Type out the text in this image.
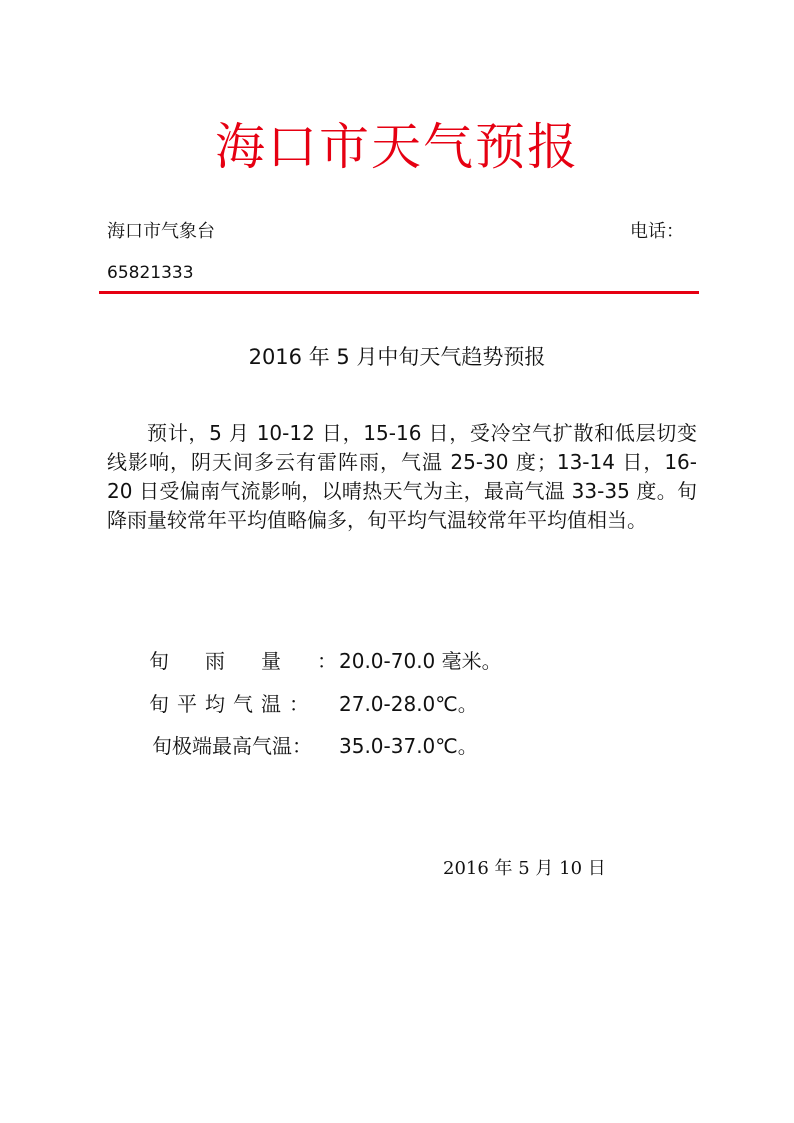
海口市天气预报
海口市气象台	电话：
65821333
2016 年 5 月中旬天气趋势预报

预计，5 月 10-12 日，15-16 日，受冷空气扩散和低层切变线影响，阴天间多云有雷阵雨，气温 25-30 度；13-14 日，16-20 日受偏南气流影响，以晴热天气为主，最高气温 33-35 度。旬降雨量较常年平均值略偏多，旬平均气温较常年平均值相当。

旬雨量：20.0-70.0 毫米。
旬平均气温： 27.0-28.0℃。
旬极端最高气温： 35.0-37.0℃。
2016 年 5 月 10 日
